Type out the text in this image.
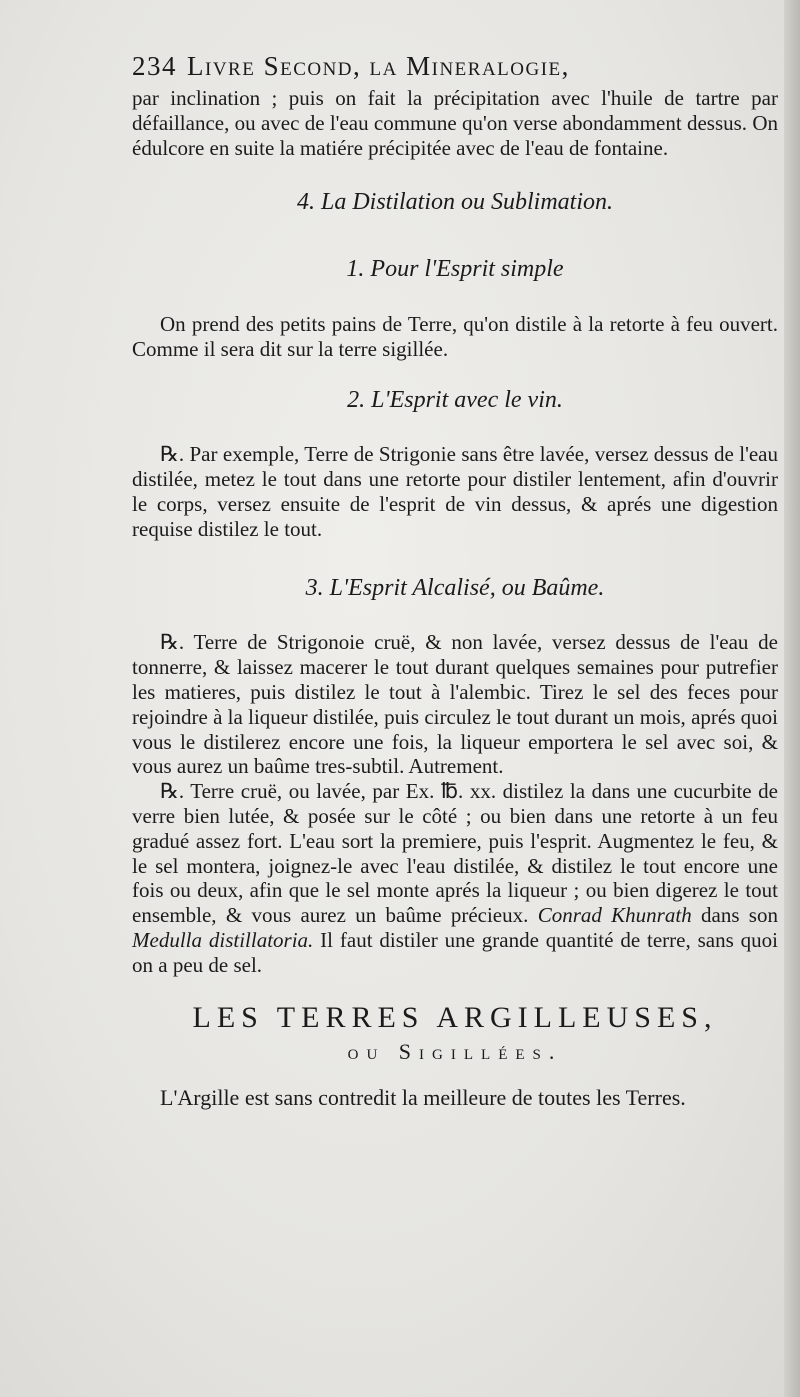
234 Livre Second, la Mineralogie,

par inclination ; puis on fait la précipitation avec l'huile de tartre par défaillance, ou avec de l'eau commune qu'on verse abondamment dessus. On édulcore en suite la matiére précipitée avec de l'eau de fontaine.

4. La Distilation ou Sublimation.

1. Pour l'Esprit simple

On prend des petits pains de Terre, qu'on distile à la retorte à feu ouvert. Comme il sera dit sur la terre sigillée.

2. L'Esprit avec le vin.

℞. Par exemple, Terre de Strigonie sans être lavée, versez dessus de l'eau distilée, metez le tout dans une retorte pour distiler lentement, afin d'ouvrir le corps, versez ensuite de l'esprit de vin dessus, & aprés une digestion requise distilez le tout.

3. L'Esprit Alcalisé, ou Baûme.

℞. Terre de Strigonoie cruë, & non lavée, versez dessus de l'eau de tonnerre, & laissez macerer le tout durant quelques semaines pour putrefier les matieres, puis distilez le tout à l'alembic. Tirez le sel des feces pour rejoindre à la liqueur distilée, puis circulez le tout durant un mois, aprés quoi vous le distilerez encore une fois, la liqueur emportera le sel avec soi, & vous aurez un baûme tres-subtil. Autrement.

℞. Terre cruë, ou lavée, par Ex. ℔. xx. distilez la dans une cucurbite de verre bien lutée, & posée sur le côté ; ou bien dans une retorte à un feu gradué assez fort. L'eau sort la premiere, puis l'esprit. Augmentez le feu, & le sel montera, joignez-le avec l'eau distilée, & distilez le tout encore une fois ou deux, afin que le sel monte aprés la liqueur ; ou bien digerez le tout ensemble, & vous aurez un baûme précieux. Conrad Khunrath dans son Medulla distillatoria. Il faut distiler une grande quantité de terre, sans quoi on a peu de sel.

LES TERRES ARGILLEUSES,
ou Sigillées.

L'Argille est sans contredit la meilleure de toutes les Terres.
